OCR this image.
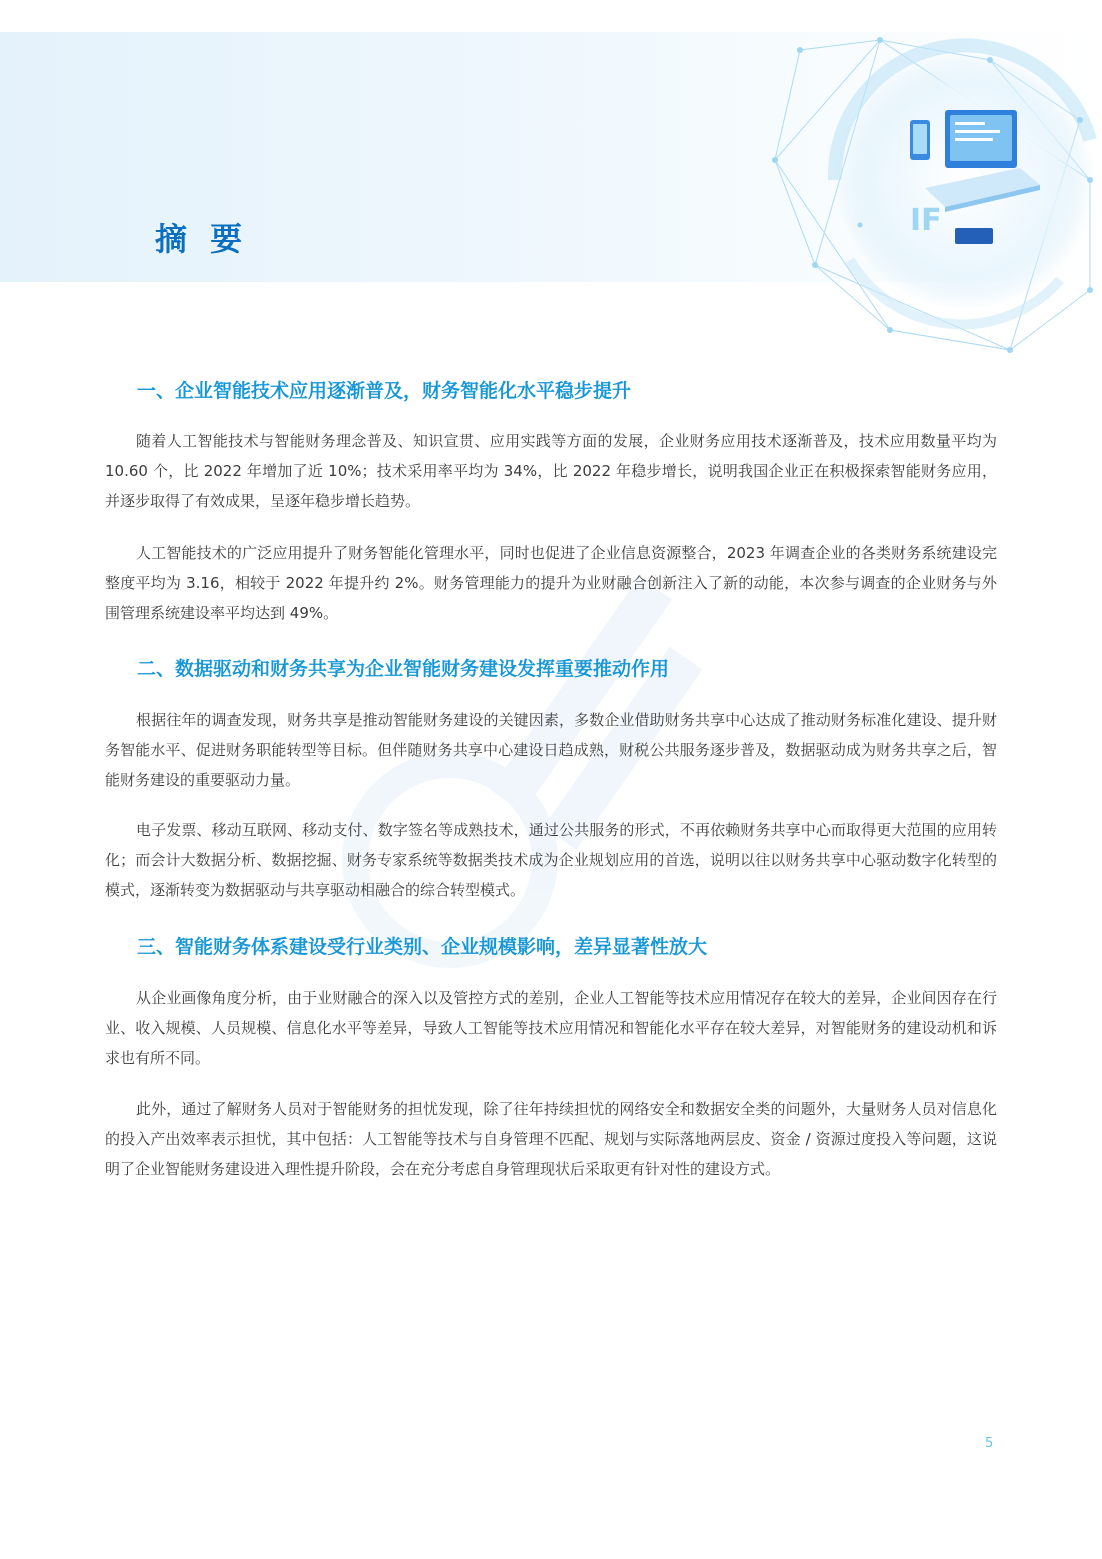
IF
摘 要
一、企业智能技术应用逐渐普及，财务智能化水平稳步提升

随着人工智能技术与智能财务理念普及、知识宣贯、应用实践等方面的发展，企业财务应用技术逐渐普及，技术应用数量平均为 10.60 个，比 2022 年增加了近 10%；技术采用率平均为 34%，比 2022 年稳步增长，说明我国企业正在积极探索智能财务应用，并逐步取得了有效成果，呈逐年稳步增长趋势。

人工智能技术的广泛应用提升了财务智能化管理水平，同时也促进了企业信息资源整合，2023 年调查企业的各类财务系统建设完整度平均为 3.16，相较于 2022 年提升约 2%。财务管理能力的提升为业财融合创新注入了新的动能，本次参与调查的企业财务与外围管理系统建设率平均达到 49%。

二、数据驱动和财务共享为企业智能财务建设发挥重要推动作用

根据往年的调查发现，财务共享是推动智能财务建设的关键因素，多数企业借助财务共享中心达成了推动财务标准化建设、提升财务智能水平、促进财务职能转型等目标。但伴随财务共享中心建设日趋成熟，财税公共服务逐步普及，数据驱动成为财务共享之后，智能财务建设的重要驱动力量。

电子发票、移动互联网、移动支付、数字签名等成熟技术，通过公共服务的形式，不再依赖财务共享中心而取得更大范围的应用转化；而会计大数据分析、数据挖掘、财务专家系统等数据类技术成为企业规划应用的首选，说明以往以财务共享中心驱动数字化转型的模式，逐渐转变为数据驱动与共享驱动相融合的综合转型模式。

三、智能财务体系建设受行业类别、企业规模影响，差异显著性放大

从企业画像角度分析，由于业财融合的深入以及管控方式的差别，企业人工智能等技术应用情况存在较大的差异，企业间因存在行业、收入规模、人员规模、信息化水平等差异，导致人工智能等技术应用情况和智能化水平存在较大差异，对智能财务的建设动机和诉求也有所不同。

此外，通过了解财务人员对于智能财务的担忧发现，除了往年持续担忧的网络安全和数据安全类的问题外，大量财务人员对信息化的投入产出效率表示担忧，其中包括：人工智能等技术与自身管理不匹配、规划与实际落地两层皮、资金 / 资源过度投入等问题，这说明了企业智能财务建设进入理性提升阶段，会在充分考虑自身管理现状后采取更有针对性的建设方式。

5
